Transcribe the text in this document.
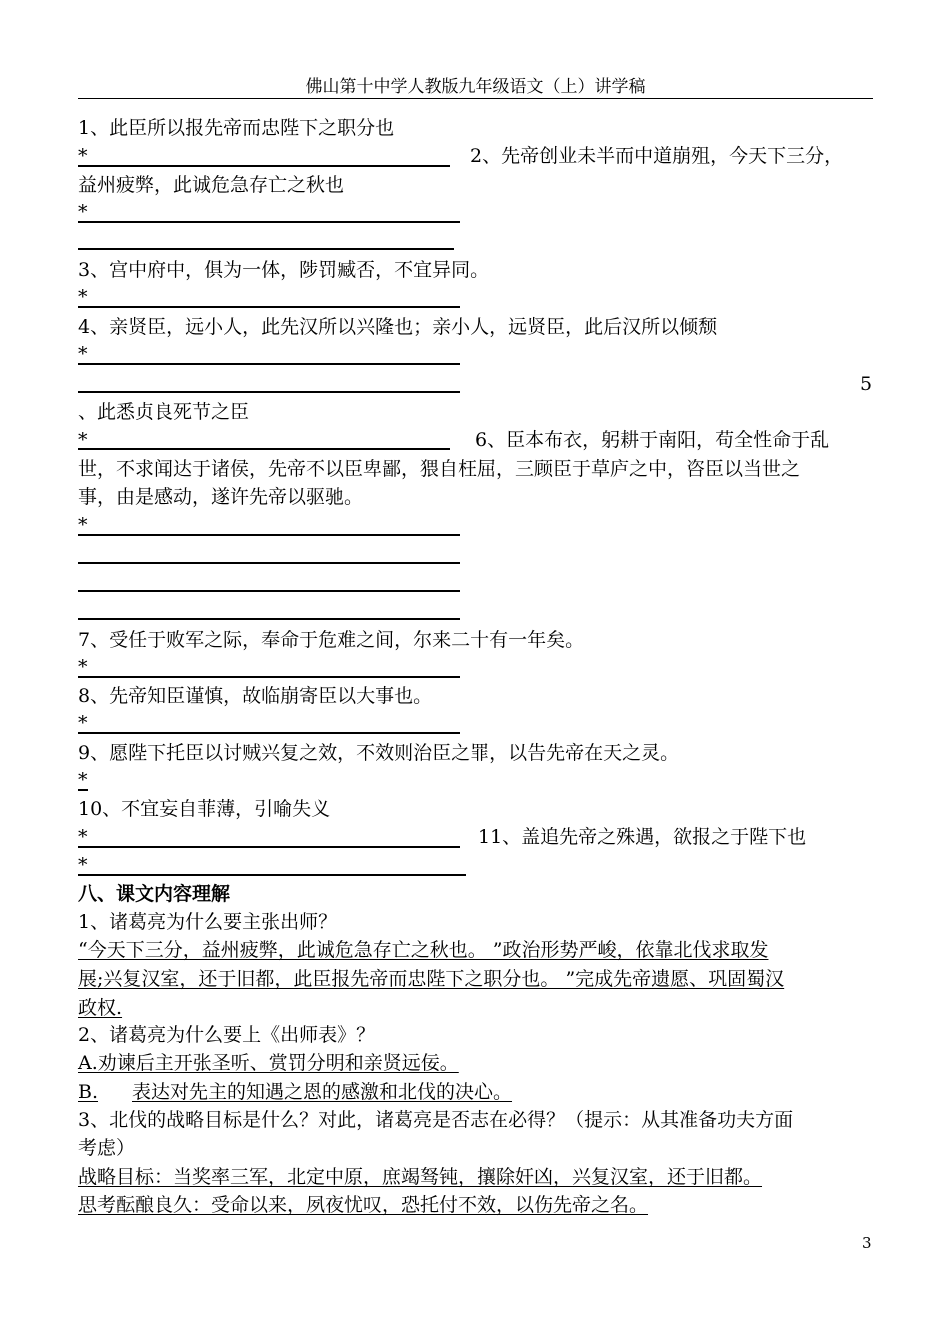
佛山第十中学人教版九年级语文（上）讲学稿
1、此臣所以报先帝而忠陛下之职分也
*	2、先帝创业未半而中道崩殂，今天下三分，
益州疲弊，此诚危急存亡之秋也
*
3、宫中府中，俱为一体，陟罚臧否，不宜异同。
*
4、亲贤臣，远小人，此先汉所以兴隆也；亲小人，远贤臣，此后汉所以倾颓
*
5
、此悉贞良死节之臣
*	6、臣本布衣，躬耕于南阳，苟全性命于乱
世，不求闻达于诸侯，先帝不以臣卑鄙，猥自枉屈，三顾臣于草庐之中，咨臣以当世之
事，由是感动，遂许先帝以驱驰。
*
7、受任于败军之际，奉命于危难之间，尔来二十有一年矣。
*
8、先帝知臣谨慎，故临崩寄臣以大事也。
*
9、愿陛下托臣以讨贼兴复之效，不效则治臣之罪，以告先帝在天之灵。
*
10、不宜妄自菲薄，引喻失义
*	11、盖追先帝之殊遇，欲报之于陛下也
*
八、课文内容理解
1、诸葛亮为什么要主张出师？
“今天下三分，益州疲弊，此诚危急存亡之秋也。 ”政治形势严峻，依靠北伐求取发
展;兴复汉室，还于旧都，此臣报先帝而忠陛下之职分也。 ”完成先帝遗愿、巩固蜀汉
政权.
2、诸葛亮为什么要上《出师表》？
A.劝谏后主开张圣听、赏罚分明和亲贤远佞。
B. 表达对先主的知遇之恩的感激和北伐的决心。
3、北伐的战略目标是什么？对此，诸葛亮是否志在必得？（提示：从其准备功夫方面
考虑）
战略目标：当奖率三军，北定中原，庶竭驽钝，攘除奸凶，兴复汉室，还于旧都。
思考酝酿良久：受命以来，夙夜忧叹，恐托付不效，以伤先帝之名。
3
